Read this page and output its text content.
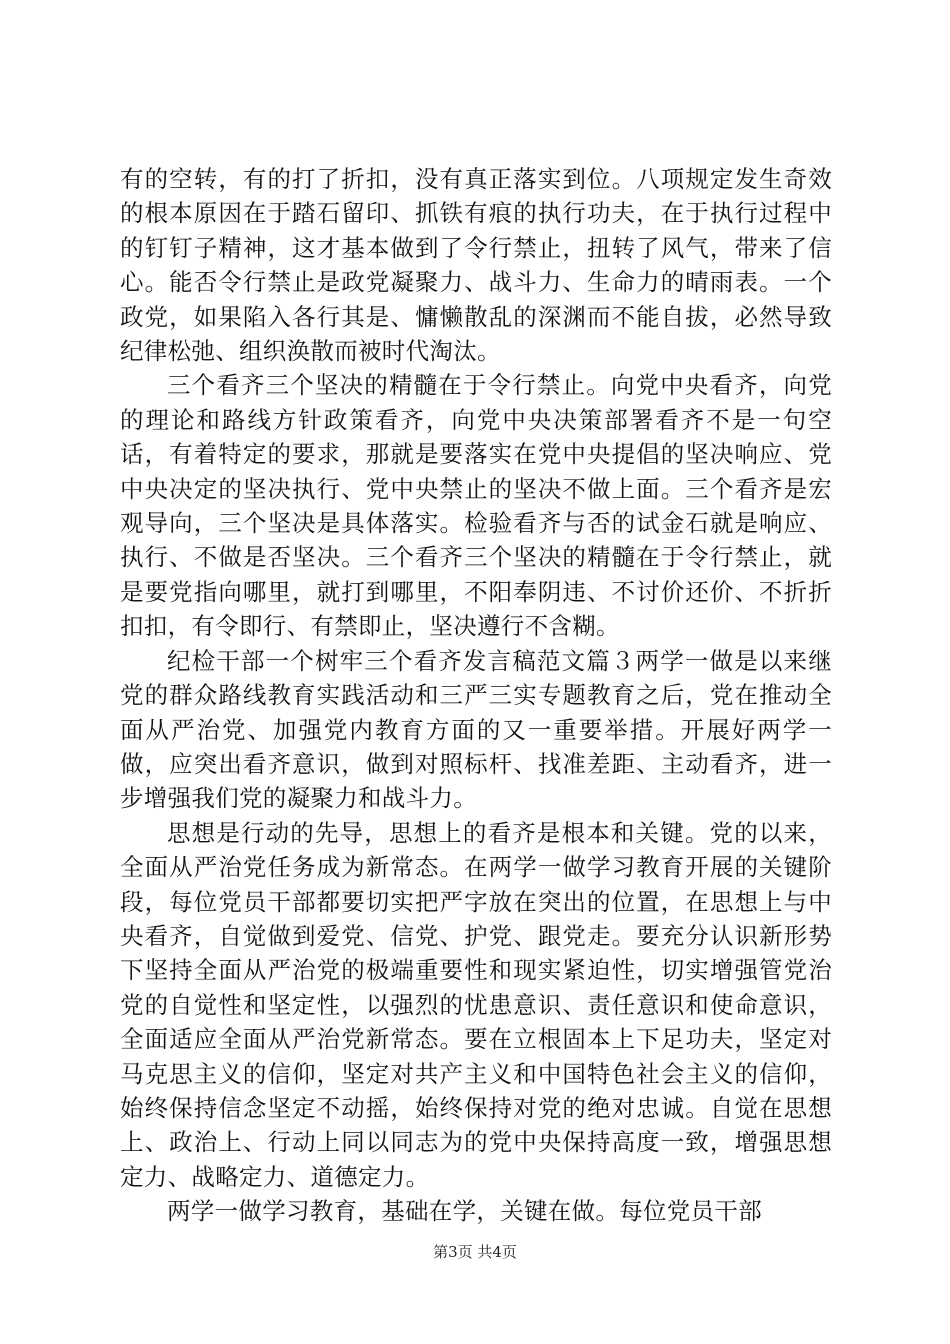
有的空转，有的打了折扣，没有真正落实到位。八项规定发生奇效的根本原因在于踏石留印、抓铁有痕的执行功夫，在于执行过程中的钉钉子精神，这才基本做到了令行禁止，扭转了风气，带来了信心。能否令行禁止是政党凝聚力、战斗力、生命力的晴雨表。一个政党，如果陷入各行其是、慵懒散乱的深渊而不能自拔，必然导致纪律松弛、组织涣散而被时代淘汰。

三个看齐三个坚决的精髓在于令行禁止。向党中央看齐，向党的理论和路线方针政策看齐，向党中央决策部署看齐不是一句空话，有着特定的要求，那就是要落实在党中央提倡的坚决响应、党中央决定的坚决执行、党中央禁止的坚决不做上面。三个看齐是宏观导向，三个坚决是具体落实。检验看齐与否的试金石就是响应、执行、不做是否坚决。三个看齐三个坚决的精髓在于令行禁止，就是要党指向哪里，就打到哪里，不阳奉阴违、不讨价还价、不折折扣扣，有令即行、有禁即止，坚决遵行不含糊。

纪检干部一个树牢三个看齐发言稿范文篇３两学一做是以来继党的群众路线教育实践活动和三严三实专题教育之后，党在推动全面从严治党、加强党内教育方面的又一重要举措。开展好两学一做，应突出看齐意识，做到对照标杆、找准差距、主动看齐，进一步增强我们党的凝聚力和战斗力。

思想是行动的先导，思想上的看齐是根本和关键。党的以来，全面从严治党任务成为新常态。在两学一做学习教育开展的关键阶段，每位党员干部都要切实把严字放在突出的位置，在思想上与中央看齐，自觉做到爱党、信党、护党、跟党走。要充分认识新形势下坚持全面从严治党的极端重要性和现实紧迫性，切实增强管党治党的自觉性和坚定性，以强烈的忧患意识、责任意识和使命意识，全面适应全面从严治党新常态。要在立根固本上下足功夫，坚定对马克思主义的信仰，坚定对共产主义和中国特色社会主义的信仰，始终保持信念坚定不动摇，始终保持对党的绝对忠诚。自觉在思想上、政治上、行动上同以同志为的党中央保持高度一致，增强思想定力、战略定力、道德定力。

两学一做学习教育，基础在学，关键在做。每位党员干部

第3页 共4页
